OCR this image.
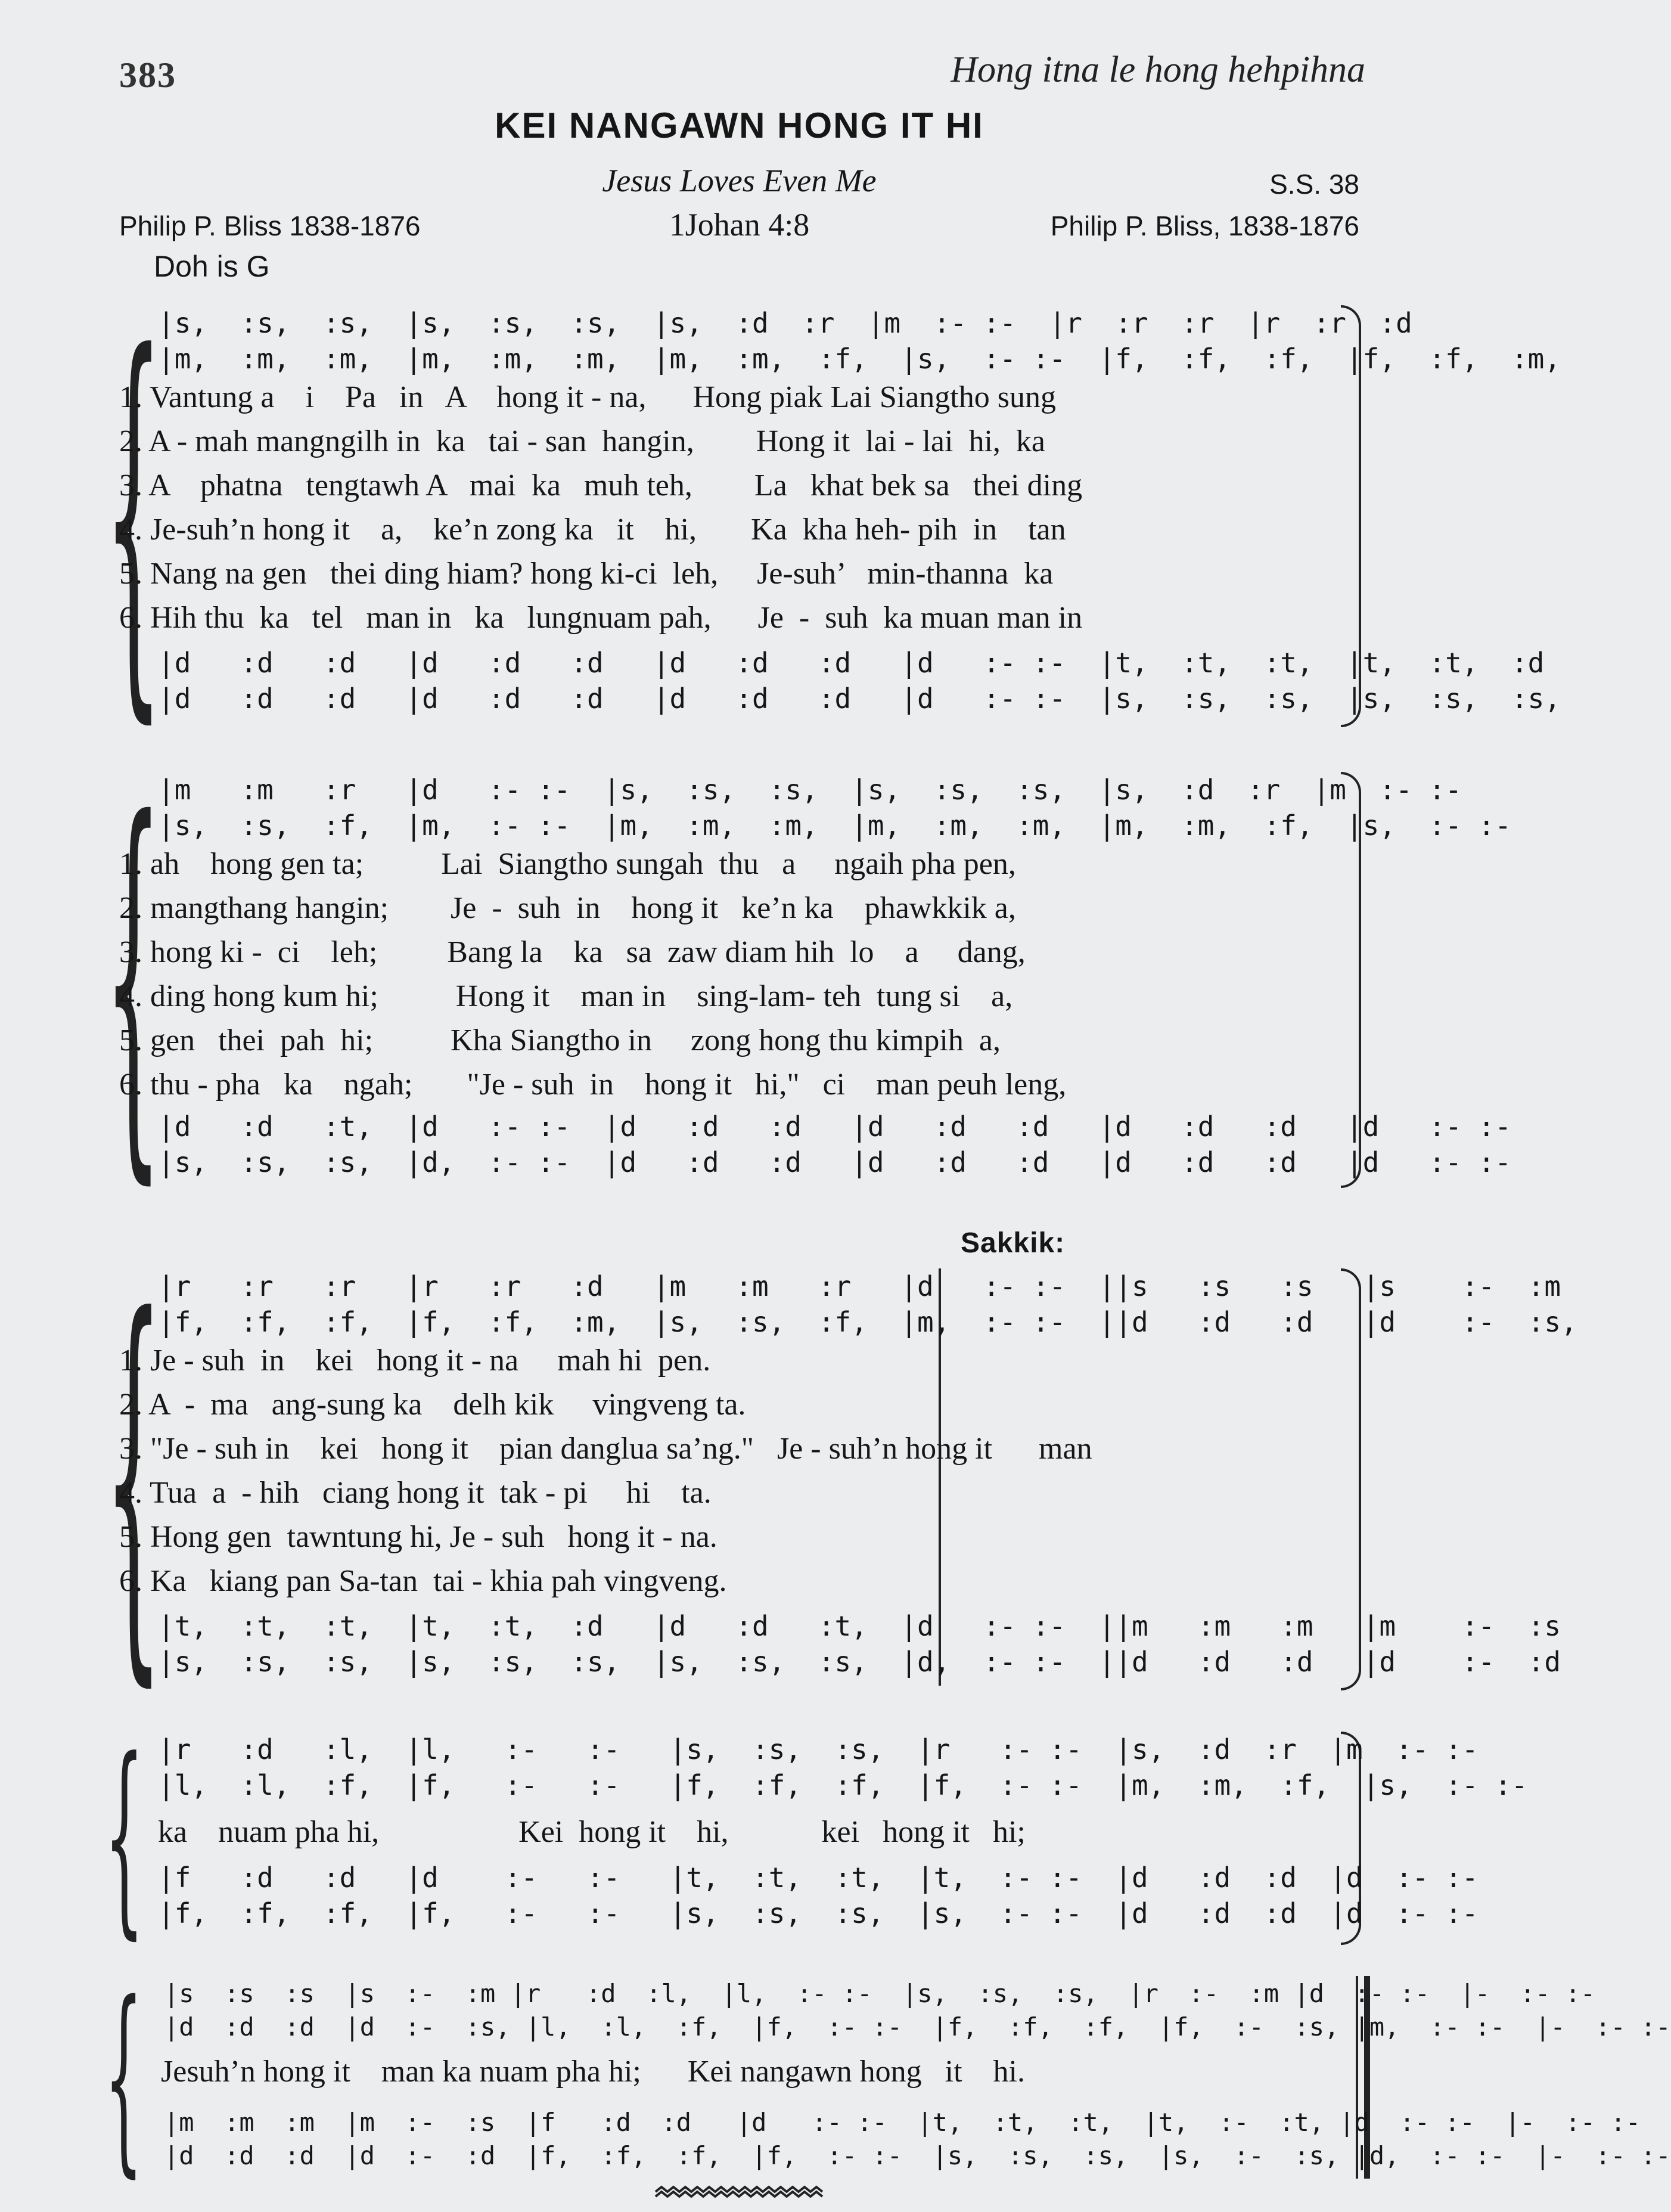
383	Hong itna le hong hehpihna
KEI NANGAWN HONG IT HI
Jesus Loves Even Me	S.S. 38
Philip P. Bliss 1838-1876	1Johan 4:8	Philip P. Bliss, 1838-1876
Doh is G
{
|s,  :s,  :s,  |s,  :s,  :s,  |s,  :d  :r  |m  :- :-  |r  :r  :r  |r  :r  :d
|m,  :m,  :m,  |m,  :m,  :m,  |m,  :m,  :f,  |s,  :- :-  |f,  :f,  :f,  |f,  :f,  :m,
1. Vantung a    i    Pa   in   A    hong it - na,      Hong piak Lai Siangtho sung
2. A - mah mangngilh in  ka   tai - san  hangin,        Hong it  lai - lai  hi,  ka
3. A    phatna   tengtawh A   mai  ka   muh teh,        La   khat bek sa   thei ding
4. Je-suh’n hong it    a,    ke’n zong ka   it    hi,       Ka  kha heh- pih  in    tan
5. Nang na gen   thei ding hiam? hong ki-ci  leh,     Je-suh’   min-thanna  ka
6. Hih thu  ka   tel   man in   ka   lungnuam pah,      Je  -  suh  ka muan man in
|d   :d   :d   |d   :d   :d   |d   :d   :d   |d   :- :-  |t,  :t,  :t,  |t,  :t,  :d
|d   :d   :d   |d   :d   :d   |d   :d   :d   |d   :- :-  |s,  :s,  :s,  |s,  :s,  :s,
{
|m   :m   :r   |d   :- :-  |s,  :s,  :s,  |s,  :s,  :s,  |s,  :d  :r  |m  :- :-
|s,  :s,  :f,  |m,  :- :-  |m,  :m,  :m,  |m,  :m,  :m,  |m,  :m,  :f,  |s,  :- :-
1. ah    hong gen ta;          Lai  Siangtho sungah  thu   a     ngaih pha pen,
2. mangthang hangin;        Je  -  suh  in    hong it   ke’n ka    phawkkik a,
3. hong ki -  ci    leh;         Bang la    ka   sa  zaw diam hih  lo    a     dang,
4. ding hong kum hi;          Hong it    man in    sing-lam- teh  tung si    a,
5. gen   thei  pah  hi;          Kha Siangtho in     zong hong thu kimpih  a,
6. thu - pha   ka    ngah;       "Je - suh  in    hong it   hi,"   ci    man peuh leng,
|d   :d   :t,  |d   :- :-  |d   :d   :d   |d   :d   :d   |d   :d   :d   |d   :- :-
|s,  :s,  :s,  |d,  :- :-  |d   :d   :d   |d   :d   :d   |d   :d   :d   |d   :- :-
Sakkik:
{
|r   :r   :r   |r   :r   :d   |m   :m   :r   |d   :- :-  ||s   :s   :s   |s    :-  :m
|f,  :f,  :f,  |f,  :f,  :m,  |s,  :s,  :f,  |m,  :- :-  ||d   :d   :d   |d    :-  :s,
1. Je - suh  in    kei   hong it - na     mah hi  pen.
2. A  -  ma   ang-sung ka    delh kik     vingveng ta.
3. "Je - suh in    kei   hong it    pian danglua sa’ng."   Je - suh’n hong it      man
4. Tua  a  - hih   ciang hong it  tak - pi     hi    ta.
5. Hong gen  tawntung hi, Je - suh   hong it - na.
6. Ka   kiang pan Sa-tan  tai - khia pah vingveng.
|t,  :t,  :t,  |t,  :t,  :d   |d   :d   :t,  |d   :- :-  ||m   :m   :m   |m    :-  :s
|s,  :s,  :s,  |s,  :s,  :s,  |s,  :s,  :s,  |d,  :- :-  ||d   :d   :d   |d    :-  :d
{ |r   :d   :l,  |l,   :-   :-   |s,  :s,  :s,  |r   :- :-  |s,  :d  :r  |m  :- :-
|l,  :l,  :f,  |f,   :-   :-   |f,  :f,  :f,  |f,  :- :-  |m,  :m,  :f,  |s,  :- :-
ka    nuam pha hi,                  Kei  hong it    hi,            kei   hong it   hi;
|f   :d   :d   |d    :-   :-   |t,  :t,  :t,  |t,  :- :-  |d   :d  :d  |d  :- :-
|f,  :f,  :f,  |f,   :-   :-   |s,  :s,  :s,  |s,  :- :-  |d   :d  :d  |d  :- :-
{ |s  :s  :s  |s  :-  :m |r   :d  :l,  |l,  :- :-  |s,  :s,  :s,  |r  :-  :m |d  :- :-  |-  :- :-
|d  :d  :d  |d  :-  :s, |l,  :l,  :f,  |f,  :- :-  |f,  :f,  :f,  |f,  :-  :s, |m,  :- :-  |-  :- :-
Jesuh’n hong it    man ka nuam pha hi;      Kei nangawn hong   it    hi.
|m  :m  :m  |m  :-  :s  |f   :d  :d   |d   :- :-  |t,  :t,  :t,  |t,  :-  :t, |d  :- :-  |-  :- :-
|d  :d  :d  |d  :-  :d  |f,  :f,  :f,  |f,  :- :-  |s,  :s,  :s,  |s,  :-  :s, |d,  :- :-  |-  :- :-
